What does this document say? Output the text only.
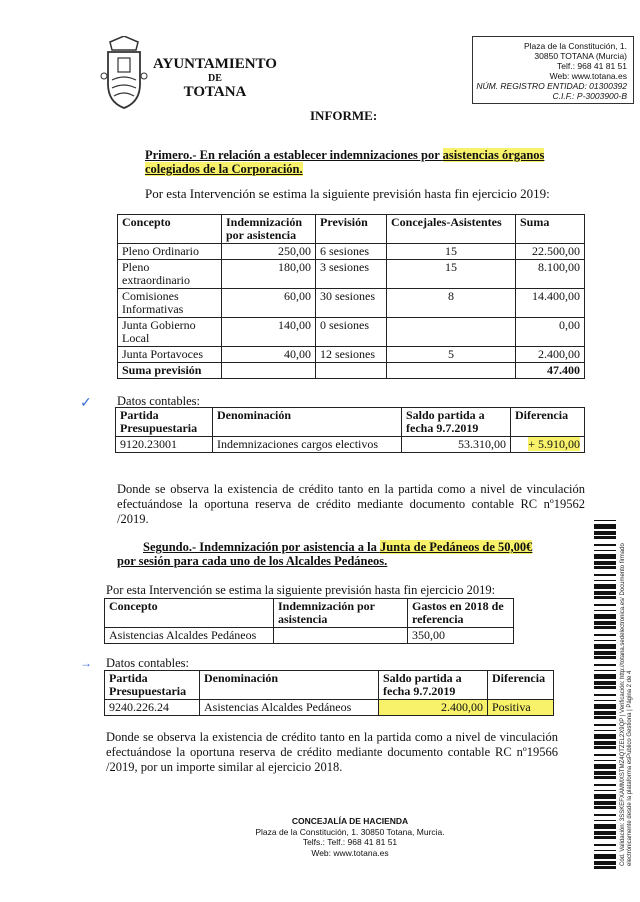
AYUNTAMIENTO
DE
TOTANA
Plaza de la Constitución, 1.
30850 TOTANA (Murcia)
Telf.: 968 41 81 51
Web: www.totana.es
NÚM. REGISTRO ENTIDAD: 01300392
C.I.F.: P-3003900-B
INFORME:
Primero.- En relación a establecer indemnizaciones por asistencias órganos colegiados de la Corporación.
Por esta Intervención se estima la siguiente previsión hasta fin ejercicio 2019:
Concepto	Indemnización por asistencia	Previsión	Concejales-Asistentes	Suma
Pleno Ordinario	250,00	6 sesiones	15	22.500,00
Pleno extraordinario	180,00	3 sesiones	15	8.100,00
Comisiones Informativas	60,00	30 sesiones	8	14.400,00
Junta Gobierno Local	140,00	0 sesiones		0,00
Junta Portavoces	40,00	12 sesiones	5	2.400,00
Suma previsión				47.400
✓ Datos contables:
Partida Presupuestaria	Denominación	Saldo partida a fecha 9.7.2019	Diferencia
9120.23001	Indemnizaciones cargos electivos	53.310,00	+ 5.910,00

Donde se observa la existencia de crédito tanto en la partida como a nivel de vinculación efectuándose la oportuna reserva de crédito mediante documento contable RC nº19562 /2019.

Segundo.- Indemnización por asistencia a la Junta de Pedáneos de 50,00€
por sesión para cada uno de los Alcaldes Pedáneos.
Por esta Intervención se estima la siguiente previsión hasta fin ejercicio 2019:
Concepto	Indemnización por asistencia	Gastos en 2018 de referencia
Asistencias Alcaldes Pedáneos		350,00
→ Datos contables:
Partida Presupuestaria	Denominación	Saldo partida a fecha 9.7.2019	Diferencia
9240.226.24	Asistencias Alcaldes Pedáneos	2.400,00	Positiva

Donde se observa la existencia de crédito tanto en la partida como a nivel de vinculación efectuándose la oportuna reserva de crédito mediante documento contable RC nº19566 /2019, por un importe similar al ejercicio 2018.

CONCEJALÍA DE HACIENDA
Plaza de la Constitución, 1. 30850 Totana, Murcia.
Telfs.: Telf.: 968 41 81 51
Web: www.totana.es	Cód. Validación: 3SSKEFXAMMXSTMZ4QTZEL2X9QP | Verificación: http://totana.sedelectronica.es/ Documento firmado electrónicamente desde la plataforma esPublico Gestiona | Página 2 de 4
